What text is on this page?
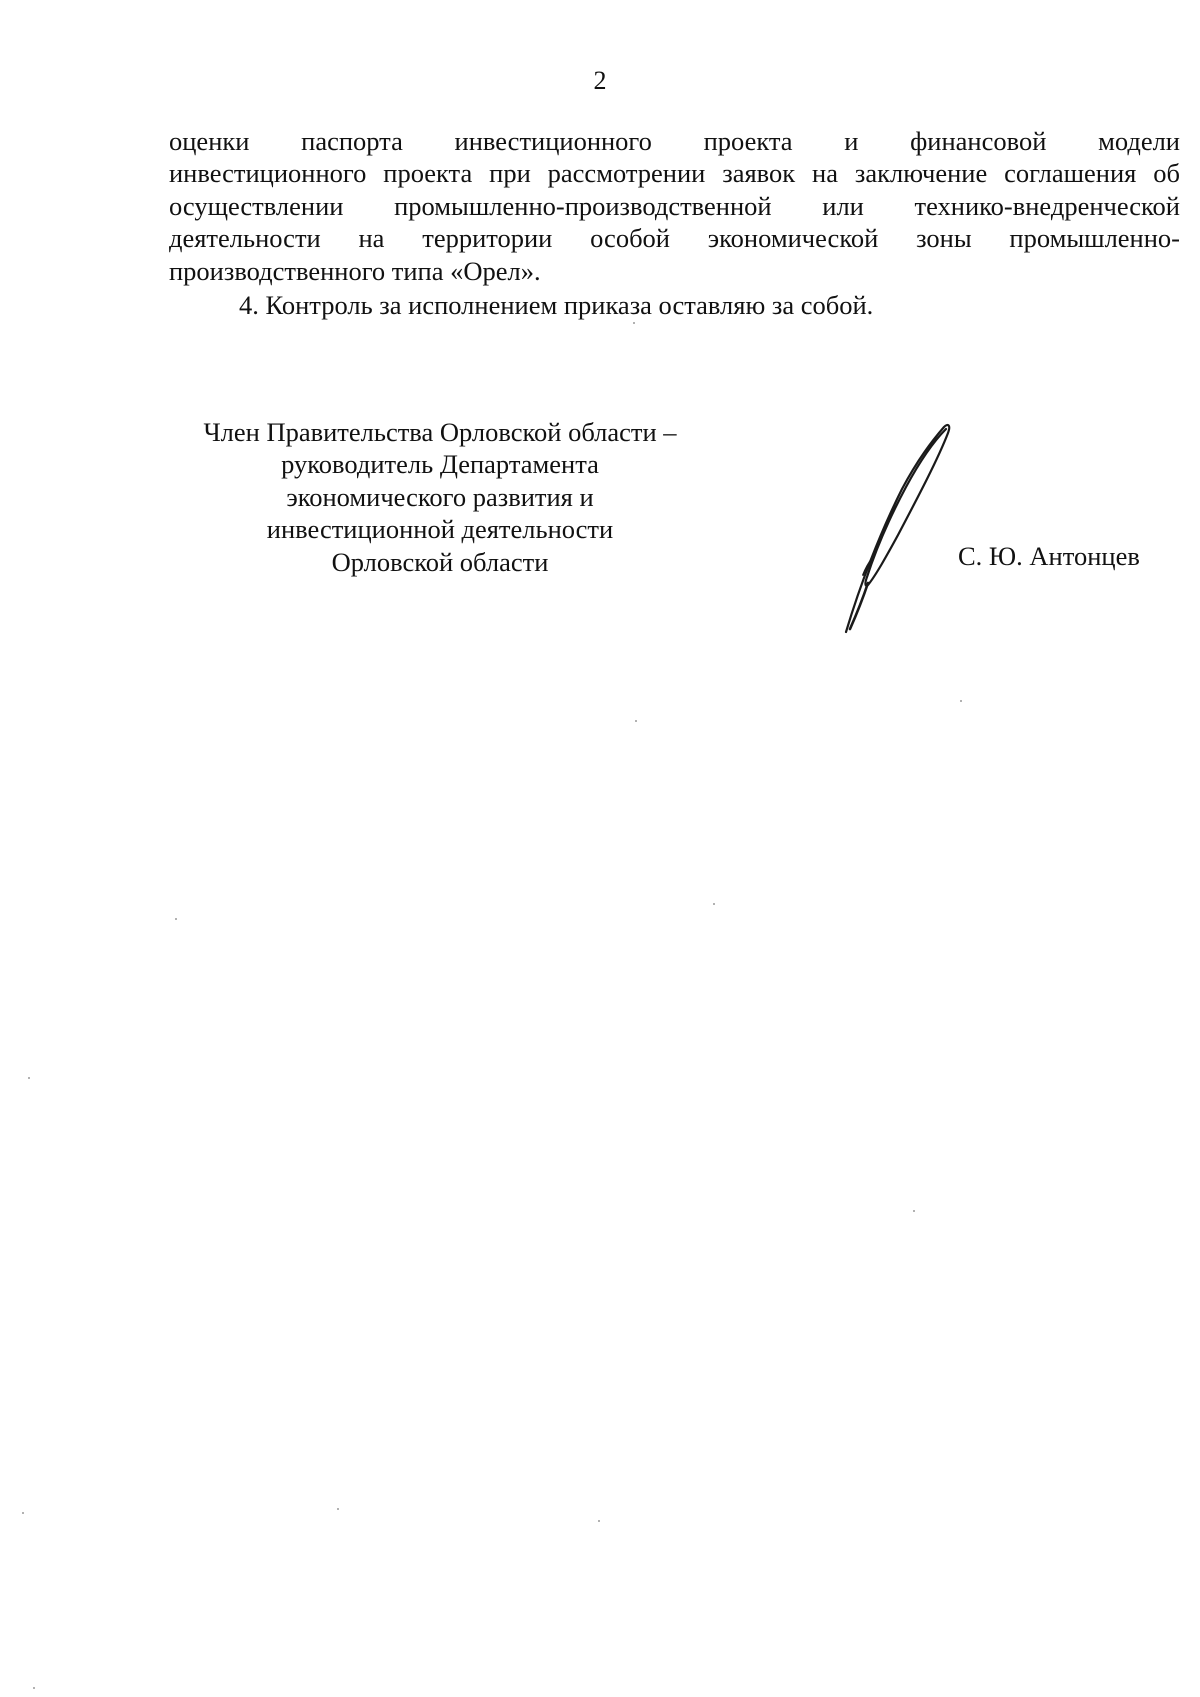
2
оценки паспорта инвестиционного проекта и финансовой модели
инвестиционного проекта при рассмотрении заявок на заключение соглашения об
осуществлении промышленно-производственной или технико-внедренческой
деятельности на территории особой экономической зоны промышленно-
производственного типа «Орел».
4. Контроль за исполнением приказа оставляю за собой.
Член Правительства Орловской области –
руководитель Департамента
экономического развития и
инвестиционной деятельности
Орловской области	С. Ю. Антонцев
